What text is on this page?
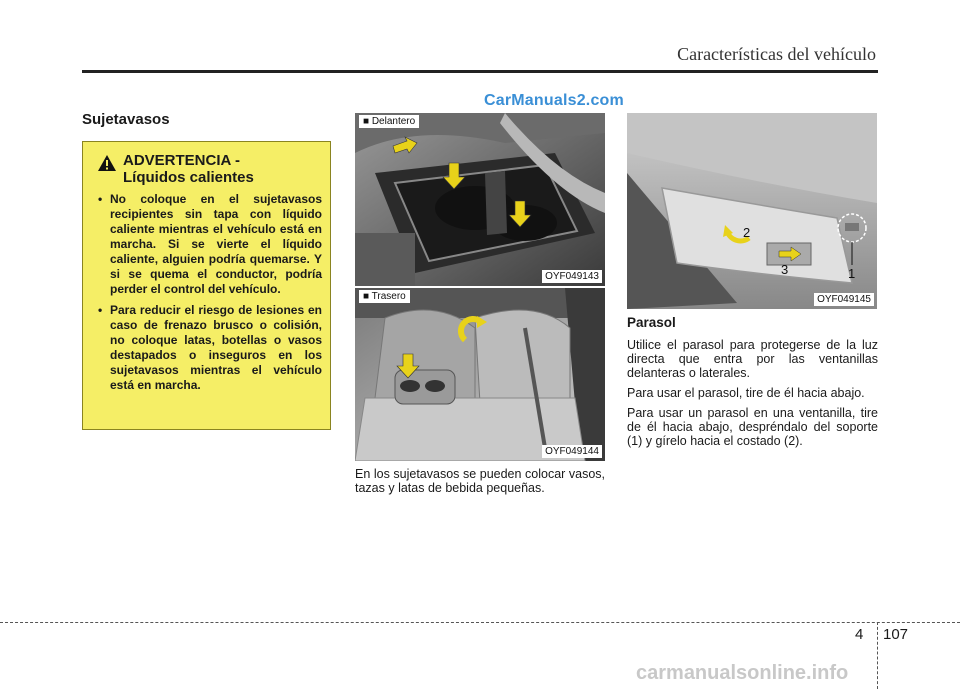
Características del vehículo
CarManuals2.com
Sujetavasos
ADVERTENCIA -
Líquidos calientes
• No coloque en el sujetavasos recipientes sin tapa con líquido caliente mientras el vehículo está en marcha. Si se vierte el líquido caliente, alguien podría quemarse. Y si se quema el conductor, podría perder el control del vehículo.
• Para reducir el riesgo de lesiones en caso de frenazo brusco o colisión, no coloque latas, botellas o vasos destapados o inseguros en los sujetavasos mientras el vehículo está en marcha.
■ Delantero
OYF049143
■ Trasero
OYF049144

En los sujetavasos se pueden colocar vasos, tazas y latas de bebida pequeñas.

2
3	1
OYF049145
Parasol

Utilice el parasol para protegerse de la luz directa que entra por las ventanillas delanteras o laterales.

Para usar el parasol, tire de él hacia abajo.

Para usar un parasol en una ventanilla, tire de él hacia abajo, despréndalo del soporte (1) y gírelo hacia el costado (2).

4 107
carmanualsonline.info
